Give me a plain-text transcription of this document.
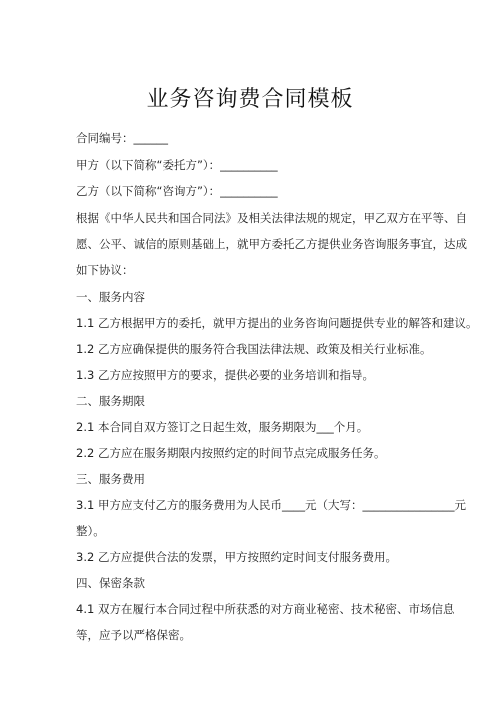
业务咨询费合同模板
合同编号：______
甲方（以下简称“委托方”）：__________
乙方（以下简称“咨询方”）：__________
根据《中华人民共和国合同法》及相关法律法规的规定，甲乙双方在平等、自
愿、公平、诚信的原则基础上，就甲方委托乙方提供业务咨询服务事宜，达成
如下协议：
一、服务内容
1.1 乙方根据甲方的委托，就甲方提出的业务咨询问题提供专业的解答和建议。
1.2 乙方应确保提供的服务符合我国法律法规、政策及相关行业标准。
1.3 乙方应按照甲方的要求，提供必要的业务培训和指导。
二、服务期限
2.1 本合同自双方签订之日起生效，服务期限为___个月。
2.2 乙方应在服务期限内按照约定的时间节点完成服务任务。
三、服务费用
3.1 甲方应支付乙方的服务费用为人民币____元（大写：________________元
整）。
3.2 乙方应提供合法的发票，甲方按照约定时间支付服务费用。
四、保密条款
4.1 双方在履行本合同过程中所获悉的对方商业秘密、技术秘密、市场信息
等，应予以严格保密。
